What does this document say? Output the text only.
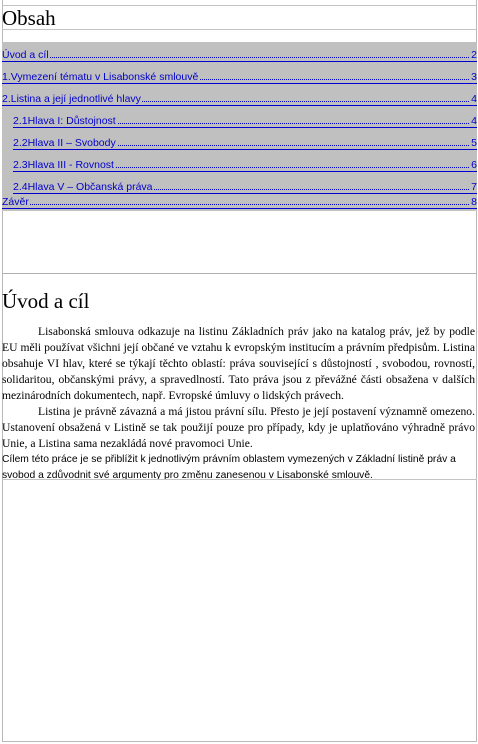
Obsah
Úvod a cíl	2
1.Vymezení tématu v Lisabonské smlouvě	3
2.Listina a její jednotlivé hlavy	4
2.1Hlava I: Důstojnost	4
2.2Hlava II – Svobody	5
2.3Hlava III - Rovnost	6
2.4Hlava V – Občanská práva	7
Závěr	8
Úvod a cíl

Lisabonská smlouva odkazuje na listinu Základních práv jako na katalog práv, jež by podle EU měli používat všichni její občané ve vztahu k evropským institucím a právním předpisům. Listina obsahuje VI hlav, které se týkají těchto oblastí: práva související s důstojností , svobodou, rovností, solidaritou, občanskými právy, a spravedlností. Tato práva jsou z převážné části obsažena v dalších mezinárodních dokumentech, např. Evropské úmluvy o lidských právech.

Listina je právně závazná a má jistou právní sílu. Přesto je její postavení významně omezeno. Ustanovení obsažená v Listině se tak použijí pouze pro případy, kdy je uplatňováno výhradně právo Unie, a Listina sama nezakládá nové pravomoci Unie.

Cílem této práce je se přiblížit k jednotlivým právním oblastem vymezených v Základní listině práv a svobod a zdůvodnit své argumenty pro změnu zanesenou v Lisabonské smlouvě.
